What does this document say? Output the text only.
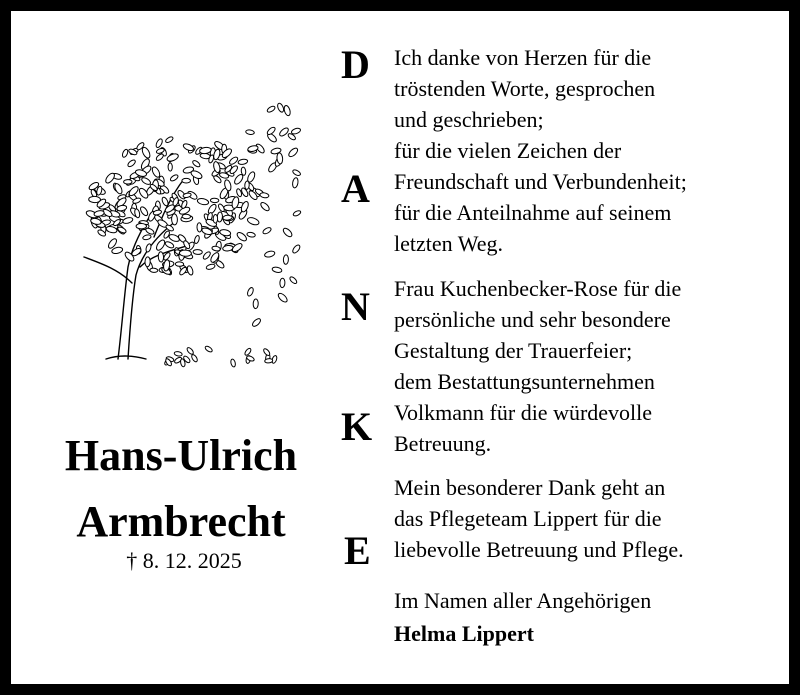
Hans-Ulrich
Armbrecht
† 8. 12. 2025
D
A
N
K
E
Ich danke von Herzen für die
tröstenden Worte, gesprochen
und geschrieben;
für die vielen Zeichen der
Freundschaft und Verbundenheit;
für die Anteilnahme auf seinem
letzten Weg.
Frau Kuchenbecker-Rose für die
persönliche und sehr besondere
Gestaltung der Trauerfeier;
dem Bestattungsunternehmen
Volkmann für die würdevolle
Betreuung.
Mein besonderer Dank geht an
das Pflegeteam Lippert für die
liebevolle Betreuung und Pflege.
Im Namen aller Angehörigen
Helma Lippert
